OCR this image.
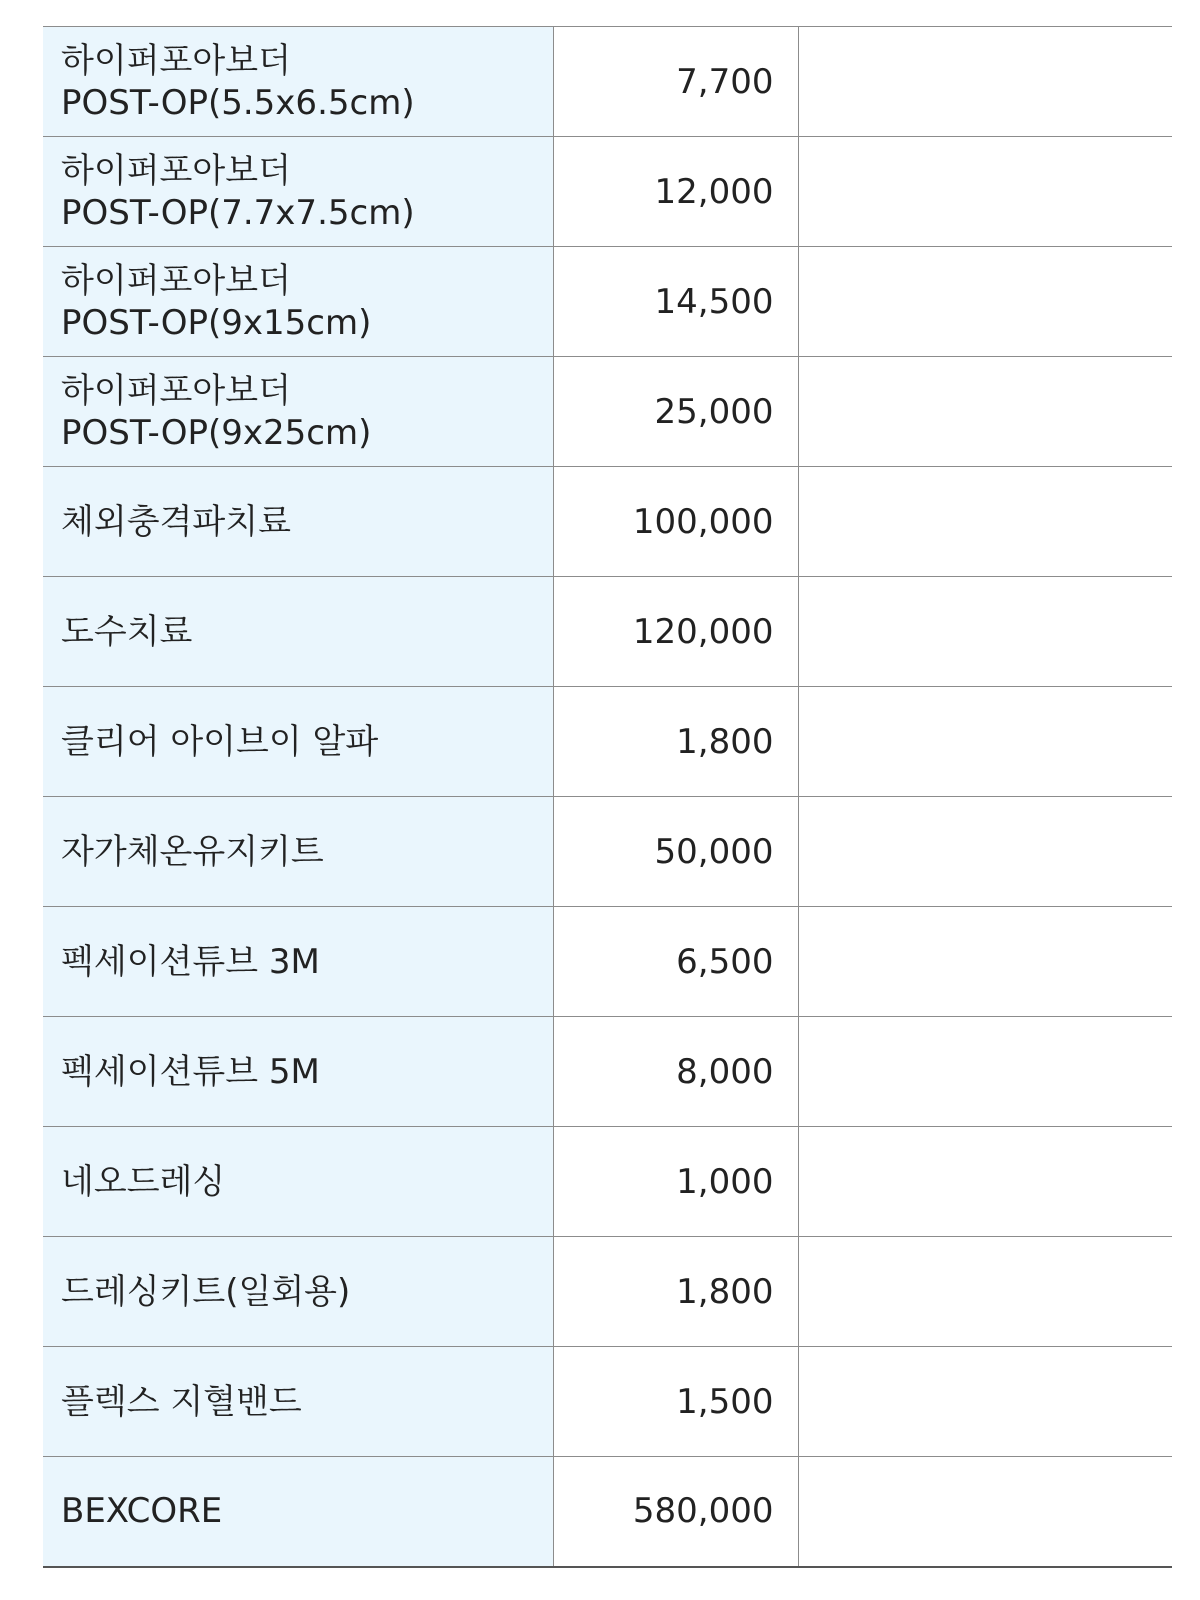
하이퍼포아보더
POST-OP(5.5x6.5cm)	7,700	

하이퍼포아보더
POST-OP(7.7x7.5cm)	12,000	

하이퍼포아보더
POST-OP(9x15cm)	14,500	

하이퍼포아보더
POST-OP(9x25cm)	25,000	

체외충격파치료	100,000	

도수치료	120,000	

클리어 아이브이 알파	1,800	

자가체온유지키트	50,000	

펙세이션튜브 3M	6,500	

펙세이션튜브 5M	8,000	

네오드레싱	1,000	

드레싱키트(일회용)	1,800	

플렉스 지혈밴드	1,500	

BEXCORE	580,000	
